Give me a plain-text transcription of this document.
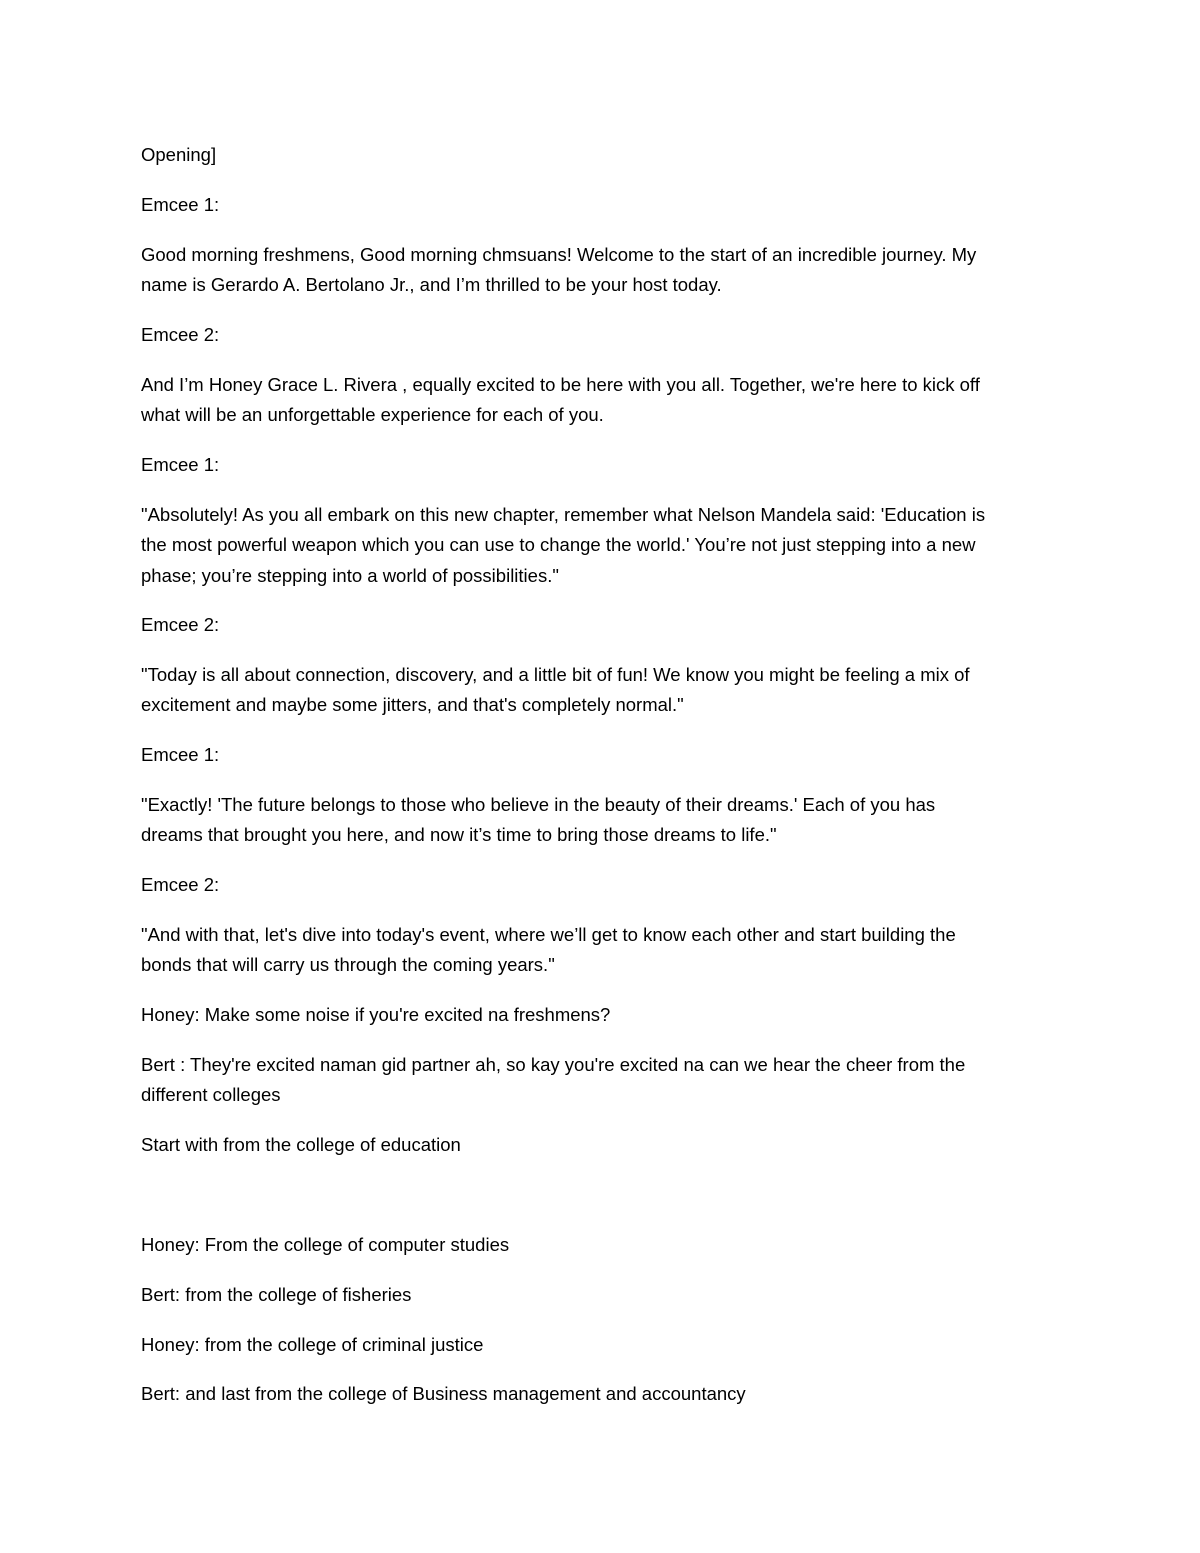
Opening]
Emcee 1:
Good morning freshmens, Good morning chmsuans! Welcome to the start of an incredible journey. My
name is Gerardo A. Bertolano Jr., and I’m thrilled to be your host today.
Emcee 2:
And I’m Honey Grace L. Rivera , equally excited to be here with you all. Together, we're here to kick off
what will be an unforgettable experience for each of you.
Emcee 1:
"Absolutely! As you all embark on this new chapter, remember what Nelson Mandela said: 'Education is
the most powerful weapon which you can use to change the world.' You’re not just stepping into a new
phase; you’re stepping into a world of possibilities."
Emcee 2:
"Today is all about connection, discovery, and a little bit of fun! We know you might be feeling a mix of
excitement and maybe some jitters, and that's completely normal."
Emcee 1:
"Exactly! 'The future belongs to those who believe in the beauty of their dreams.' Each of you has
dreams that brought you here, and now it’s time to bring those dreams to life."
Emcee 2:
"And with that, let's dive into today's event, where we’ll get to know each other and start building the
bonds that will carry us through the coming years."
Honey: Make some noise if you're excited na freshmens?
Bert : They're excited naman gid partner ah, so kay you're excited na can we hear the cheer from the
different colleges
Start with from the college of education
Honey: From the college of computer studies
Bert: from the college of fisheries
Honey: from the college of criminal justice
Bert: and last from the college of Business management and accountancy
